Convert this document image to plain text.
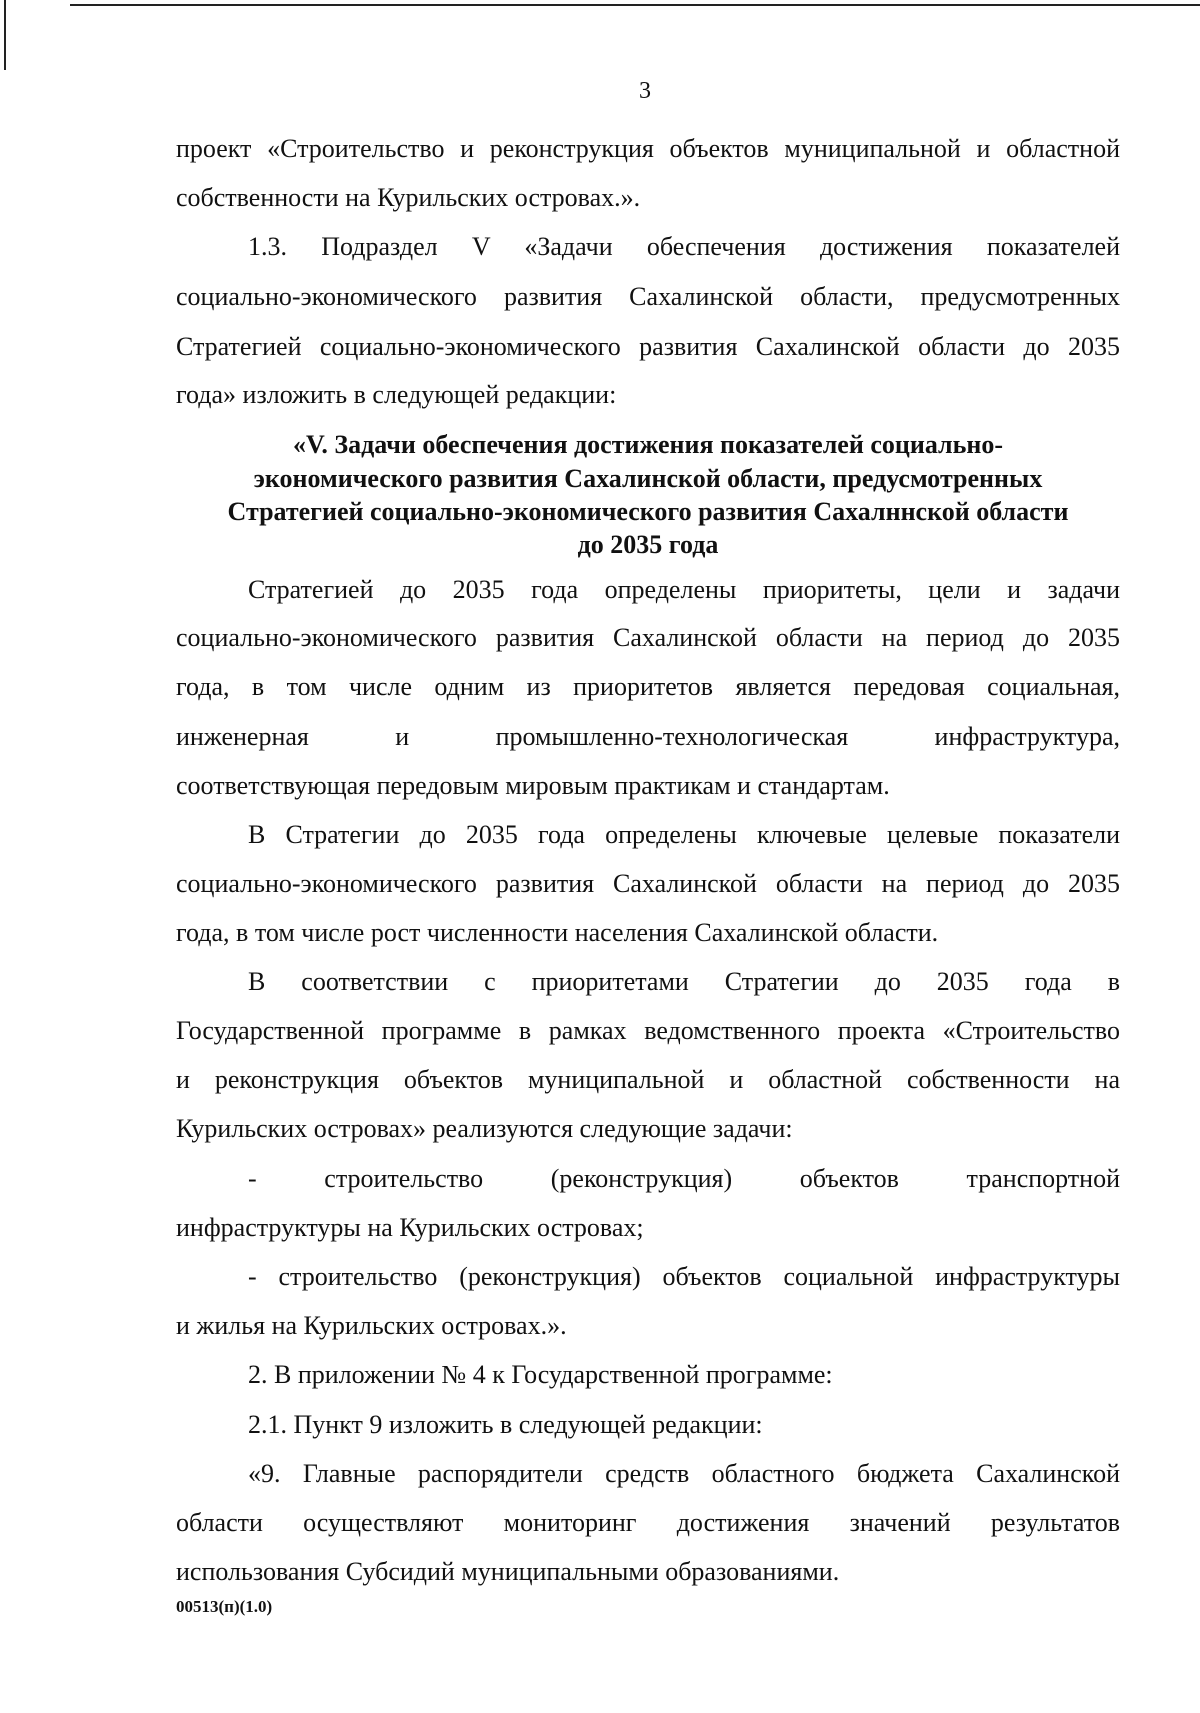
3
проект «Строительство и реконструкция объектов муниципальной и областной
собственности на Курильских островах.».
1.3. Подраздел V «Задачи обеспечения достижения показателей
социально-экономического развития Сахалинской области, предусмотренных
Стратегией социально-экономического развития Сахалинской области до 2035
года» изложить в следующей редакции:
«V. Задачи обеспечения достижения показателей социально-
экономического развития Сахалинской области, предусмотренных
Стратегией социально-экономического развития Сахалннской области
до 2035 года
Стратегией до 2035 года определены приоритеты, цели и задачи
социально-экономического развития Сахалинской области на период до 2035
года, в том числе одним из приоритетов является передовая социальная,
инженерная	и	промышленно-технологическая	инфраструктура,
соответствующая передовым мировым практикам и стандартам.
В Стратегии до 2035 года определены ключевые целевые показатели
социально-экономического развития Сахалинской области на период до 2035
года, в том числе рост численности населения Сахалинской области.
В соответствии с приоритетами Стратегии до 2035 года в
Государственной программе в рамках ведомственного проекта «Строительство
и реконструкция объектов муниципальной и областной собственности на
Курильских островах» реализуются следующие задачи:
- строительство (реконструкция) объектов транспортной
инфраструктуры на Курильских островах;
- строительство (реконструкция) объектов социальной инфраструктуры
и жилья на Курильских островах.».
2. В приложении № 4 к Государственной программе:
2.1. Пункт 9 изложить в следующей редакции:
«9. Главные распорядители средств областного бюджета Сахалинской
области осуществляют мониторинг достижения значений результатов
использования Субсидий муниципальными образованиями.
00513(п)(1.0)
